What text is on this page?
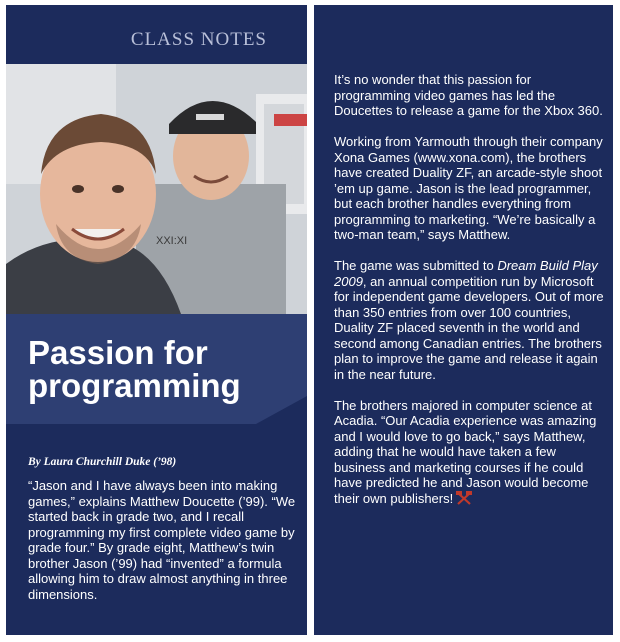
CLASS NOTES
XXI:XI
Passion for
programming
By Laura Churchill Duke (’98)
“Jason and I have always been into making games,” explains Matthew Doucette (’99). “We started back in grade two, and I recall programming my first complete video game by grade four.” By grade eight, Matthew’s twin brother Jason (’99) had “invented” a formula allowing him to draw almost anything in three dimensions.

It’s no wonder that this passion for programming video games has led the Doucettes to release a game for the Xbox 360.

Working from Yarmouth through their company Xona Games (www.xona.com), the brothers have created Duality ZF, an arcade-style shoot ’em up game. Jason is the lead programmer, but each brother handles everything from programming to marketing. “We’re basically a two-man team,” says Matthew.

The game was submitted to Dream Build Play 2009, an annual competition run by Microsoft for independent game developers. Out of more than 350 entries from over 100 countries, Duality ZF placed seventh in the world and second among Canadian entries. The brothers plan to improve the game and release it again in the near future.

The brothers majored in computer science at Acadia. “Our Acadia experience was amazing and I would love to go back,” says Matthew, adding that he would have taken a few business and marketing courses if he could have predicted he and Jason would become their own publishers!
